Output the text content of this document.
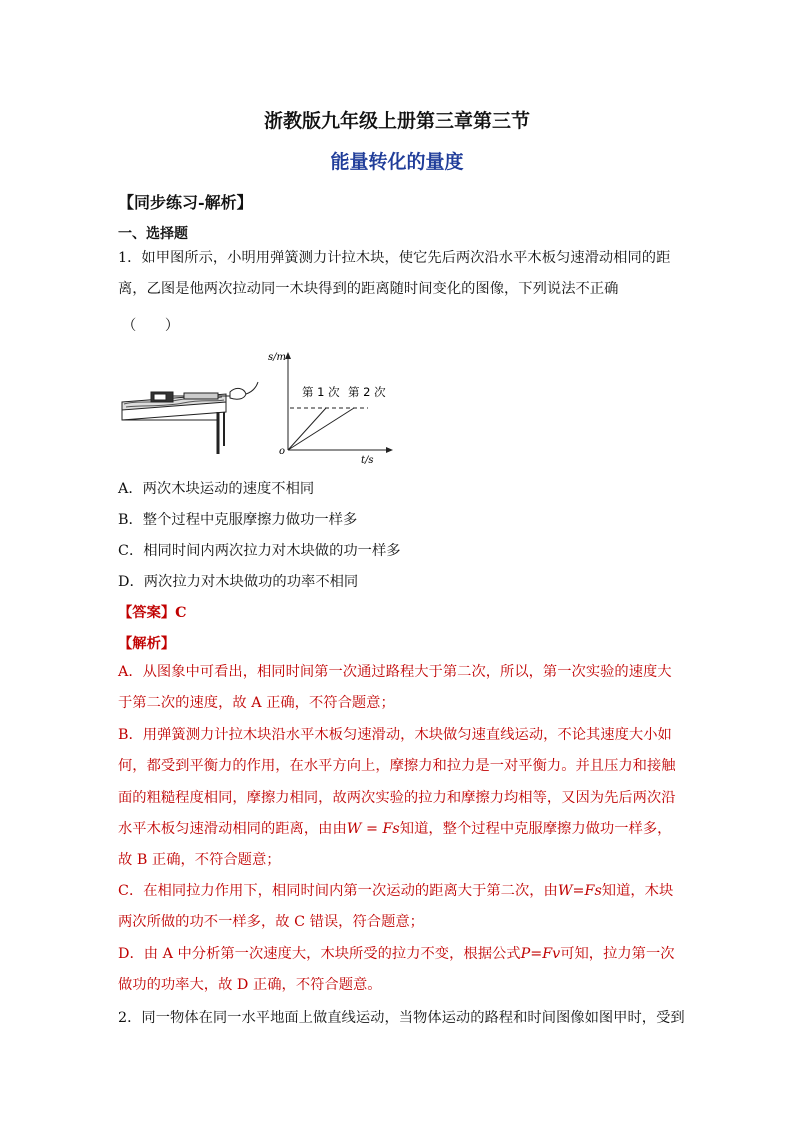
浙教版九年级上册第三章第三节
能量转化的量度
【同步练习-解析】
一、选择题
1．如甲图所示，小明用弹簧测力计拉木块，使它先后两次沿水平木板匀速滑动相同的距离，乙图是他两次拉动同一木块得到的距离随时间变化的图像，下列说法不正确
（　　）
s/m
t/s
o
第 1 次 第 2 次
A．两次木块运动的速度不相同
B．整个过程中克服摩擦力做功一样多
C．相同时间内两次拉力对木块做的功一样多
D．两次拉力对木块做功的功率不相同
【答案】C
【解析】
A．从图象中可看出，相同时间第一次通过路程大于第二次，所以，第一次实验的速度大于第二次的速度，故 A 正确，不符合题意；
B．用弹簧测力计拉木块沿水平木板匀速滑动，木块做匀速直线运动，不论其速度大小如何，都受到平衡力的作用，在水平方向上，摩擦力和拉力是一对平衡力。并且压力和接触面的粗糙程度相同，摩擦力相同，故两次实验的拉力和摩擦力均相等，又因为先后两次沿水平木板匀速滑动相同的距离，由由W = Fs知道，整个过程中克服摩擦力做功一样多，故 B 正确，不符合题意；
C．在相同拉力作用下，相同时间内第一次运动的距离大于第二次，由W=Fs知道，木块两次所做的功不一样多，故 C 错误，符合题意；
D．由 A 中分析第一次速度大，木块所受的拉力不变，根据公式P=Fv可知，拉力第一次做功的功率大，故 D 正确，不符合题意。
2．同一物体在同一水平地面上做直线运动，当物体运动的路程和时间图像如图甲时，受到
